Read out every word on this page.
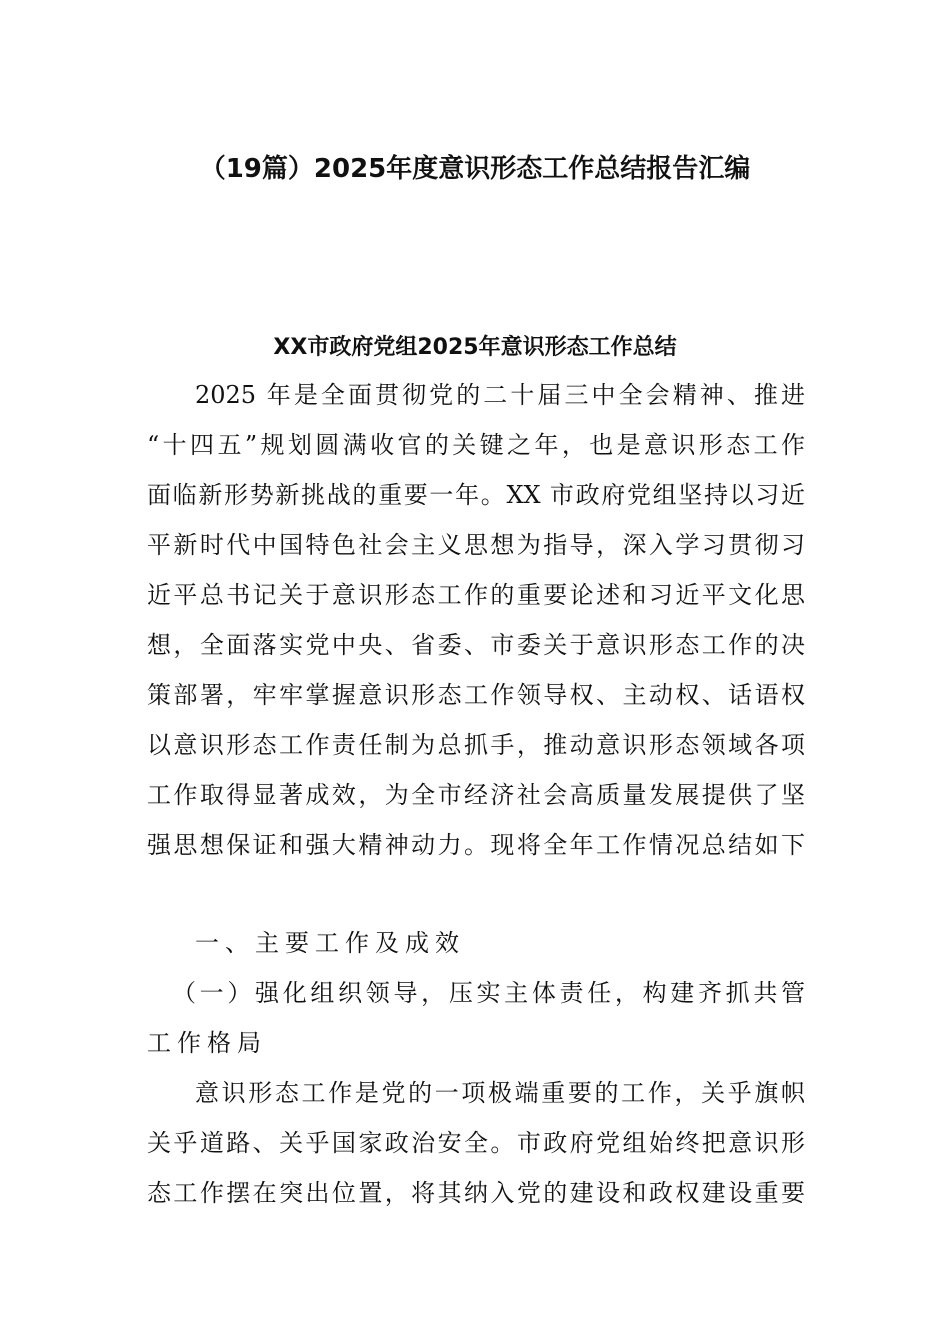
（19篇）2025年度意识形态工作总结报告汇编
XX市政府党组2025年意识形态工作总结
2025 年是全面贯彻党的二十届三中全会精神、推进
“十四五”规划圆满收官的关键之年，也是意识形态工作
面临新形势新挑战的重要一年。XX 市政府党组坚持以习近
平新时代中国特色社会主义思想为指导，深入学习贯彻习
近平总书记关于意识形态工作的重要论述和习近平文化思
想，全面落实党中央、省委、市委关于意识形态工作的决
策部署，牢牢掌握意识形态工作领导权、主动权、话语权
以意识形态工作责任制为总抓手，推动意识形态领域各项
工作取得显著成效，为全市经济社会高质量发展提供了坚
强思想保证和强大精神动力。现将全年工作情况总结如下
一、主要工作及成效
（一）强化组织领导，压实主体责任，构建齐抓共管
工作格局
意识形态工作是党的一项极端重要的工作，关乎旗帜
关乎道路、关乎国家政治安全。市政府党组始终把意识形
态工作摆在突出位置，将其纳入党的建设和政权建设重要
